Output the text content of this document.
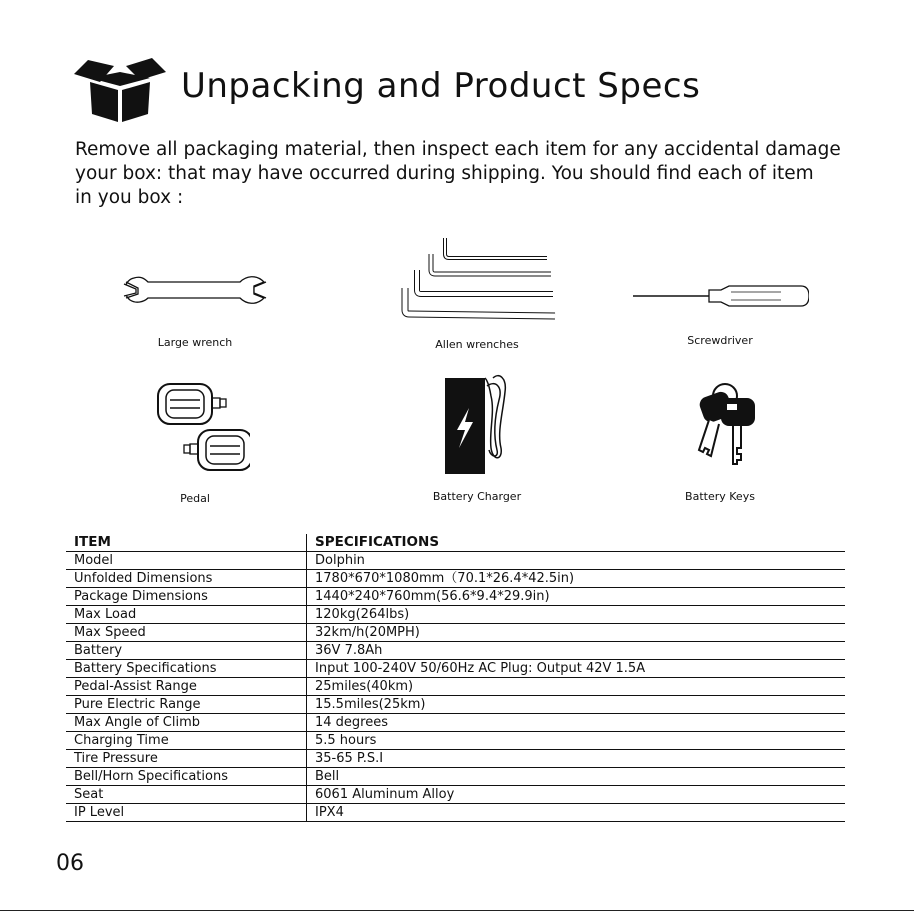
Unpacking and Product Specs
Remove all packaging material, then inspect each item for any accidental damage
your box: that may have occurred during shipping. You should find each of item
in you box :
Large wrench	Allen wrenches	Screwdriver
Pedal	Battery Charger	Battery Keys
ITEM	SPECIFICATIONS
Model	Dolphin
Unfolded Dimensions	1780*670*1080mm（70.1*26.4*42.5in)
Package Dimensions	1440*240*760mm(56.6*9.4*29.9in)
Max Load	120kg(264lbs)
Max Speed	32km/h(20MPH)
Battery	36V 7.8Ah
Battery Specifications	Input 100-240V 50/60Hz AC Plug: Output 42V 1.5A
Pedal-Assist Range	25miles(40km)
Pure Electric Range	15.5miles(25km)
Max Angle of Climb	14 degrees
Charging Time	5.5 hours
Tire Pressure	35-65 P.S.I
Bell/Horn Specifications	Bell
Seat	6061 Aluminum Alloy
IP Level	IPX4
06
